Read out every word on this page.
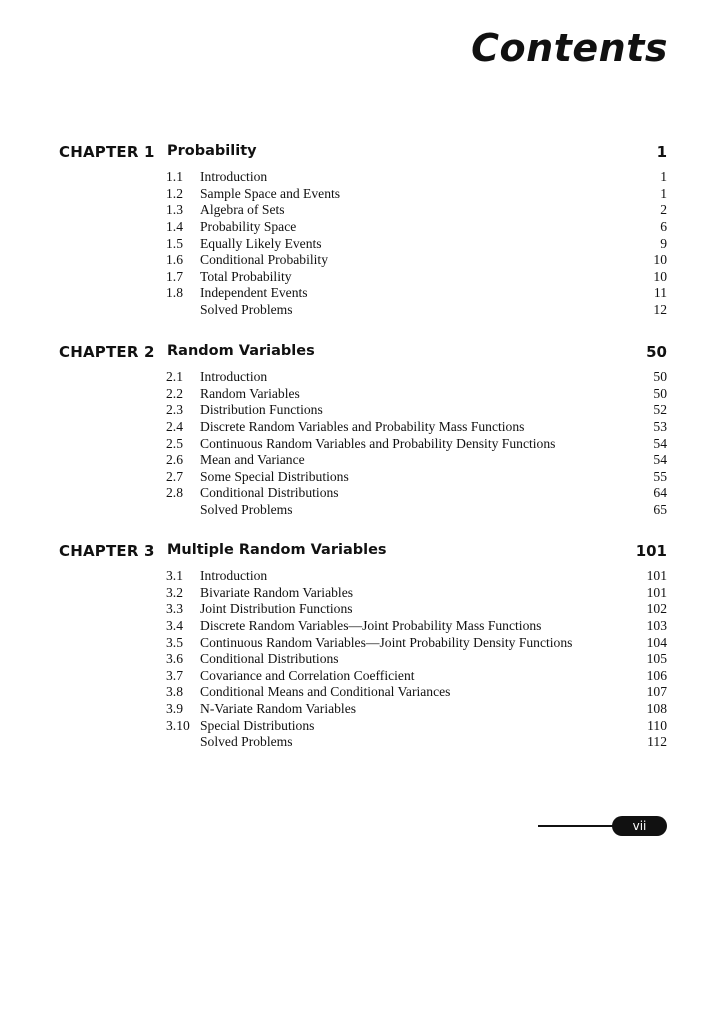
Contents
CHAPTER 1 Probability	1
1.1 Introduction	1
1.2 Sample Space and Events	1
1.3 Algebra of Sets	2
1.4 Probability Space	6
1.5 Equally Likely Events	9
1.6 Conditional Probability	10
1.7 Total Probability	10
1.8 Independent Events	11
Solved Problems	12
CHAPTER 2 Random Variables	50
2.1 Introduction	50
2.2 Random Variables	50
2.3 Distribution Functions	52
2.4 Discrete Random Variables and Probability Mass Functions	53
2.5 Continuous Random Variables and Probability Density Functions	54
2.6 Mean and Variance	54
2.7 Some Special Distributions	55
2.8 Conditional Distributions	64
Solved Problems	65
CHAPTER 3 Multiple Random Variables	101
3.1 Introduction	101
3.2 Bivariate Random Variables	101
3.3 Joint Distribution Functions	102
3.4 Discrete Random Variables—Joint Probability Mass Functions	103
3.5 Continuous Random Variables—Joint Probability Density Functions	104
3.6 Conditional Distributions	105
3.7 Covariance and Correlation Coefficient	106
3.8 Conditional Means and Conditional Variances	107
3.9 N-Variate Random Variables	108
3.10 Special Distributions	110
Solved Problems	112
vii
